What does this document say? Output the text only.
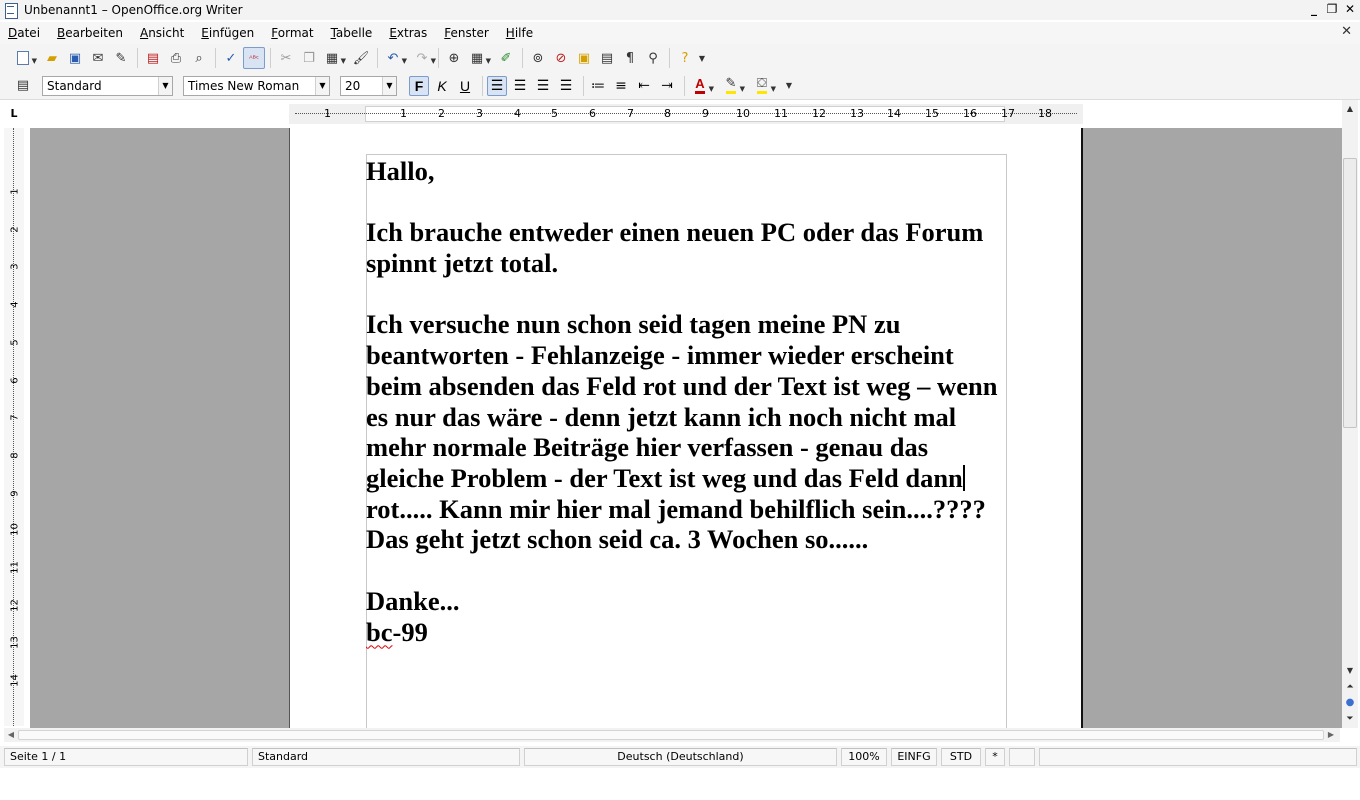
Unbenannt1 – OpenOffice.org Writer	_ ❐ ✕
Datei Bearbeiten Ansicht Einfügen Format Tabelle Extras Fenster Hilfe	✕
▼ ▰ ▣ ✉ ✎ ▤ ⎙ ⌕ ✓ ᴬᴮᶜ ✂ ❐ ▦ ▼ 🖌 ↶ ▼ ↷ ▼ ⊕ ▦ ▼ ✐ ⊚ ⊘ ▣ ▤ ¶ ⚲ ? ▼
▤	Standard	▼	Times New Roman	▼	20	▼	F	K U	☰ ☰ ☰ ☰ ≔ ≡ ⇤ ⇥ A ▼ ✎ ▼ ⛋ ▼ ▼
L	1	1	2	3	4	5	6	7	8	9 10 11 12 13 14 15 16 17 18
1
2
3
4
5
6
7
8
9
10
11
12
13
14

Hallo,

Ich brauche entweder einen neuen PC oder das Forum

spinnt jetzt total.

Ich versuche nun schon seid tagen meine PN zu

beantworten - Fehlanzeige - immer wieder erscheint

beim absenden das Feld rot und der Text ist weg – wenn

es nur das wäre - denn jetzt kann ich noch nicht mal

mehr normale Beiträge hier verfassen - genau das

gleiche Problem - der Text ist weg und das Feld dann

rot..... Kann mir hier mal jemand behilflich sein....????

Das geht jetzt schon seid ca. 3 Wochen so......

Danke...

bc-99

▲
▼
⏶
●
⏷
◀	▶
Seite 1 / 1	Standard	Deutsch (Deutschland)	100%	EINFG	STD	*
